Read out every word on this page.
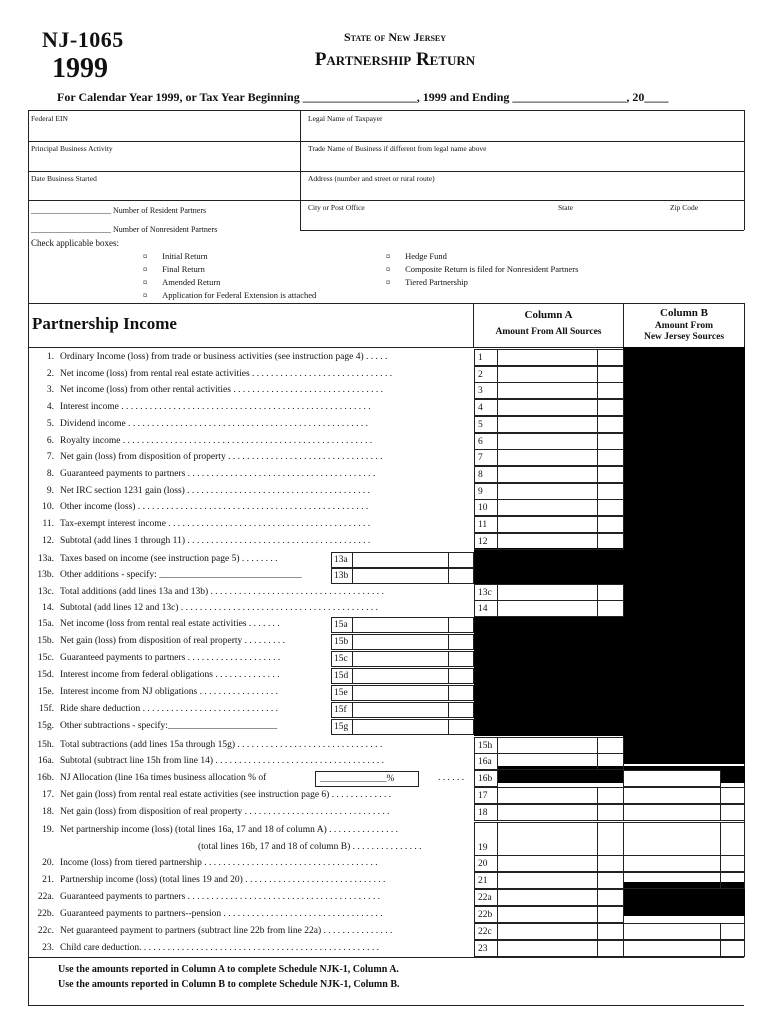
NJ-1065
1999
State of New Jersey
Partnership Return
For Calendar Year 1999, or Tax Year Beginning ___________________, 1999 and Ending ___________________, 20____
Federal EIN	Legal Name of Taxpayer
Principal Business Activity	Trade Name of Business if different from legal name above
Date Business Started	Address (number and street or rural route)
____________________ Number of Resident Partners	City or Post Office	State	Zip Code
____________________ Number of Nonresident Partners
Check applicable boxes:
¤       Initial Return
¤       Final Return
¤       Amended Return
¤       Application for Federal Extension is attached
¤       Hedge Fund
¤       Composite Return is filed for Nonresident Partners
¤       Tiered Partnership
Partnership Income	Column A
Amount From All Sources
Column B
Amount From
New Jersey Sources
1. Ordinary Income (loss) from trade or business activities (see instruction page 4) . . . . .	1
2. Net income (loss) from rental real estate activities . . . . . . . . . . . . . . . . . . . . . . . . . . . . . .	2
3. Net income (loss) from other rental activities . . . . . . . . . . . . . . . . . . . . . . . . . . . . . . . .	3
4. Interest income . . . . . . . . . . . . . . . . . . . . . . . . . . . . . . . . . . . . . . . . . . . . . . . . . . . . .	4
5. Dividend income . . . . . . . . . . . . . . . . . . . . . . . . . . . . . . . . . . . . . . . . . . . . . . . . . . .	5
6. Royalty income . . . . . . . . . . . . . . . . . . . . . . . . . . . . . . . . . . . . . . . . . . . . . . . . . . . . .	6
7. Net gain (loss) from disposition of property . . . . . . . . . . . . . . . . . . . . . . . . . . . . . . . . .	7
8. Guaranteed payments to partners . . . . . . . . . . . . . . . . . . . . . . . . . . . . . . . . . . . . . . . .	8
9. Net IRC section 1231 gain (loss) . . . . . . . . . . . . . . . . . . . . . . . . . . . . . . . . . . . . . . .	9
10. Other income (loss) . . . . . . . . . . . . . . . . . . . . . . . . . . . . . . . . . . . . . . . . . . . . . . . . .	10
11. Tax-exempt interest income . . . . . . . . . . . . . . . . . . . . . . . . . . . . . . . . . . . . . . . . . . .	11
12. Subtotal (add lines 1 through 11) . . . . . . . . . . . . . . . . . . . . . . . . . . . . . . . . . . . . . . .	12
13a. Taxes based on income (see instruction page 5) . . . . . . . .	13a
13b. Other additions - specify: ______________________________	13b
13c. Total additions (add lines 13a and 13b) . . . . . . . . . . . . . . . . . . . . . . . . . . . . . . . . . . . . .	13c
14. Subtotal (add lines 12 and 13c) . . . . . . . . . . . . . . . . . . . . . . . . . . . . . . . . . . . . . . . . . .	14
15a. Net income (loss from rental real estate activities . . . . . . .	15a
15b. Net gain (loss) from disposition of real property . . . . . . . . .	15b
15c. Guaranteed payments to partners . . . . . . . . . . . . . . . . . . . .	15c
15d. Interest income from federal obligations . . . . . . . . . . . . . .	15d
15e. Interest income from NJ obligations . . . . . . . . . . . . . . . . .	15e
15f. Ride share deduction . . . . . . . . . . . . . . . . . . . . . . . . . . . . .	15f
15g. Other subtractions - specify:_______________________	15g
15h. Total subtractions (add lines 15a through 15g) . . . . . . . . . . . . . . . . . . . . . . . . . . . . . . .	15h
16a. Subtotal (subtract line 15h from line 14) . . . . . . . . . . . . . . . . . . . . . . . . . . . . . . . . . . . .	16a
16b. NJ Allocation (line 16a times business allocation % of	______________%	. . . . . .	16b
17. Net gain (loss) from rental real estate activities (see instruction page 6) . . . . . . . . . . . . .	17
18. Net gain (loss) from disposition of real property . . . . . . . . . . . . . . . . . . . . . . . . . . . . . . .	18
19. Net partnership income (loss) (total lines 16a, 17 and 18 of column A) . . . . . . . . . . . . . . .
(total lines 16b, 17 and 18 of column B) . . . . . . . . . . . . . . .	19
20. Income (loss) from tiered partnership . . . . . . . . . . . . . . . . . . . . . . . . . . . . . . . . . . . . .	20
21. Partnership income (loss) (total lines 19 and 20) . . . . . . . . . . . . . . . . . . . . . . . . . . . . . .	21
22a. Guaranteed payments to partners . . . . . . . . . . . . . . . . . . . . . . . . . . . . . . . . . . . . . . . . .	22a
22b. Guaranteed payments to partners--pension . . . . . . . . . . . . . . . . . . . . . . . . . . . . . . . . . .	22b
22c. Net guaranteed payment to partners (subtract line 22b from line 22a) . . . . . . . . . . . . . . .	22c
23. Child care deduction. . . . . . . . . . . . . . . . . . . . . . . . . . . . . . . . . . . . . . . . . . . . . . . . . . .	23
Use the amounts reported in Column A to complete Schedule NJK-1, Column A.
Use the amounts reported in Column B to complete Schedule NJK-1, Column B.
